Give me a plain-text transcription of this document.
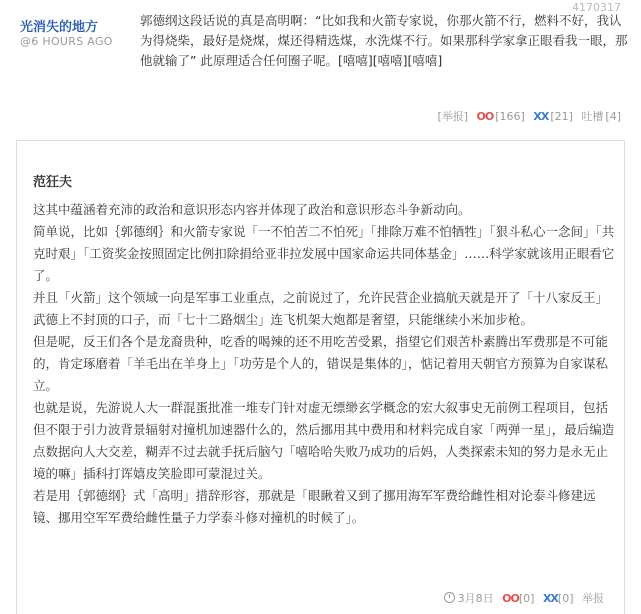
4170317
光消失的地方
@6 HOURS AGO
郭德纲这段话说的真是高明啊：“比如我和火箭专家说，你那火箭不行，燃料不好，我认为得烧柴，最好是烧煤，煤还得精选煤，水洗煤不行。如果那科学家拿正眼看我一眼，那他就输了” 此原理适合任何圈子呢。[嘻嘻][嘻嘻][嘻嘻]
[举报] OO [166] XX [21] 吐槽 [4]
范狂夫

这其中蕴涵着充沛的政治和意识形态内容并体现了政治和意识形态斗争新动向。

简单说，比如｛郭德纲｝和火箭专家说「一不怕苦二不怕死」「排除万难不怕牺牲」「狠斗私心一念间」「共克时艰」「工资奖金按照固定比例扣除捐给亚非拉发展中国家命运共同体基金」……科学家就该用正眼看它了。

并且「火箭」这个领域一向是军事工业重点，之前说过了，允许民营企业搞航天就是开了「十八家反王」武德上不封顶的口子，而「七十二路烟尘」连飞机架大炮都是奢望，只能继续小米加步枪。

但是呢，反王们各个是龙裔贵种，吃香的喝辣的还不用吃苦受累，指望它们艰苦朴素腾出军费那是不可能的，肯定琢磨着「羊毛出在羊身上」「功劳是个人的，错误是集体的」，惦记着用天朝官方预算为自家谋私立。

也就是说，先游说人大一群混蛋批准一堆专门针对虚无缥缈玄学概念的宏大叙事史无前例工程项目，包括但不限于引力波背景辐射对撞机加速器什么的，然后挪用其中费用和材料完成自家「两弹一星」，最后编造点数据向人大交差，糊弄不过去就手抚后脑勺「嘻哈哈失败乃成功的后妈，人类探索未知的努力是永无止境的嘛」插科打诨嬉皮笑脸即可蒙混过关。

若是用｛郭德纲｝式「高明」措辞形容，那就是「眼瞅着又到了挪用海军军费给雌性相对论泰斗修建远镜、挪用空军军费给雌性量子力学泰斗修对撞机的时候了」。

3月8日 OO[0] XX[0] 举报
